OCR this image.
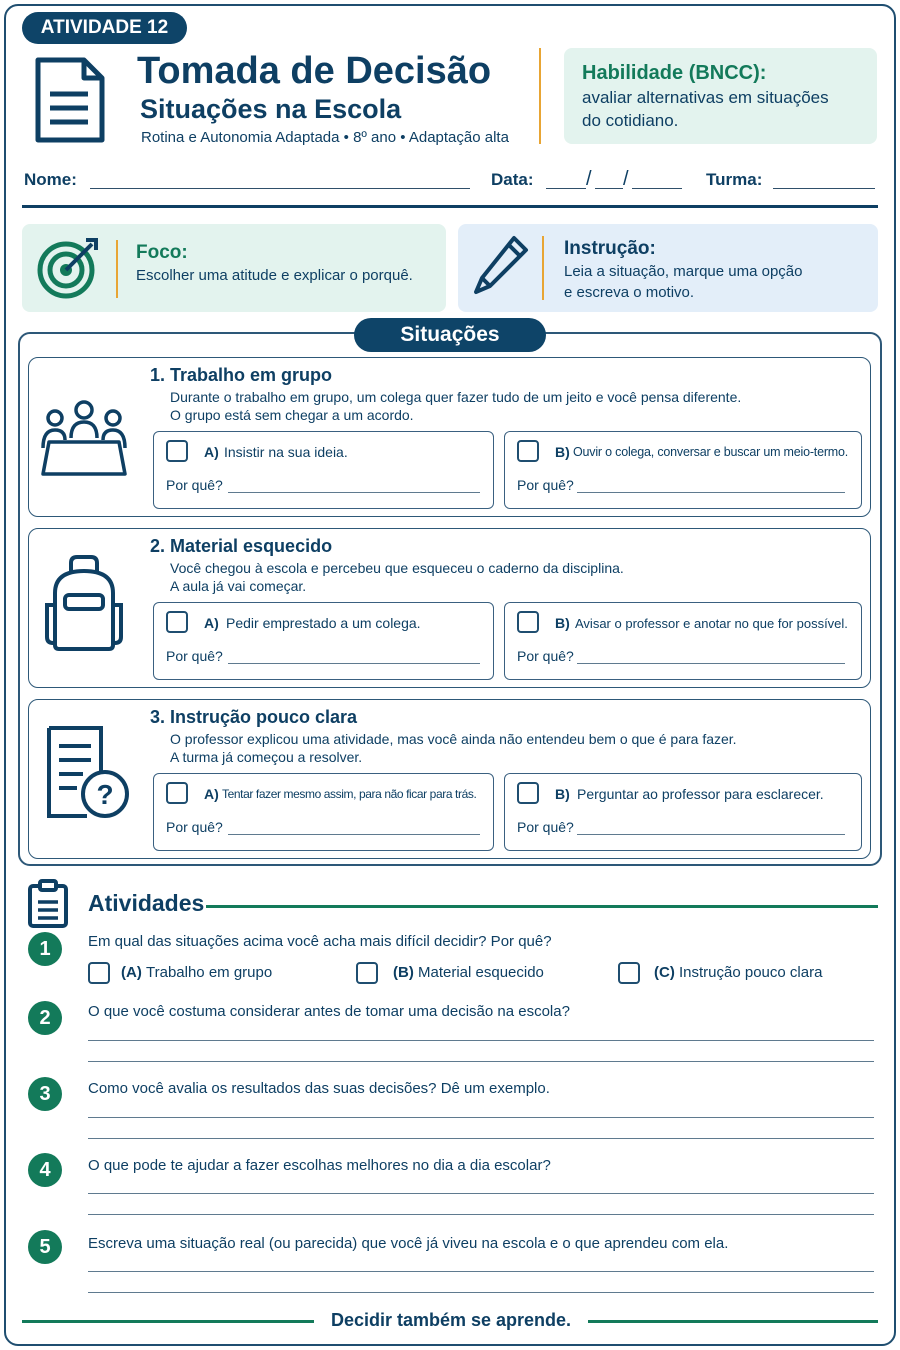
ATIVIDADE 12
Tomada de Decisão
Situações na Escola
Rotina e Autonomia Adaptada • 8º ano • Adaptação alta
Habilidade (BNCC):
avaliar alternativas em situações
do cotidiano.
Nome:	Data:	/ /	Turma:
Foco:
Escolher uma atitude e explicar o porquê.
Instrução:
Leia a situação, marque uma opção
e escreva o motivo.
Situações
1. Trabalho em grupo
Durante o trabalho em grupo, um colega quer fazer tudo de um jeito e você pensa diferente.
O grupo está sem chegar a um acordo.
A) Insistir na sua ideia.
Por quê?
B) Ouvir o colega, conversar e buscar um meio-termo.
Por quê?
2. Material esquecido
Você chegou à escola e percebeu que esqueceu o caderno da disciplina.
A aula já vai começar.
A) Pedir emprestado a um colega.
Por quê?
B) Avisar o professor e anotar no que for possível.
Por quê?
?
3. Instrução pouco clara
O professor explicou uma atividade, mas você ainda não entendeu bem o que é para fazer.
A turma já começou a resolver.
A) Tentar fazer mesmo assim, para não ficar para trás.
Por quê?
B) Perguntar ao professor para esclarecer.
Por quê?
Atividades
1	Em qual das situações acima você acha mais difícil decidir? Por quê?
(A) Trabalho em grupo	(B) Material esquecido	(C) Instrução pouco clara
2	O que você costuma considerar antes de tomar uma decisão na escola?
3	Como você avalia os resultados das suas decisões? Dê um exemplo.
4	O que pode te ajudar a fazer escolhas melhores no dia a dia escolar?
5	Escreva uma situação real (ou parecida) que você já viveu na escola e o que aprendeu com ela.
Decidir também se aprende.
